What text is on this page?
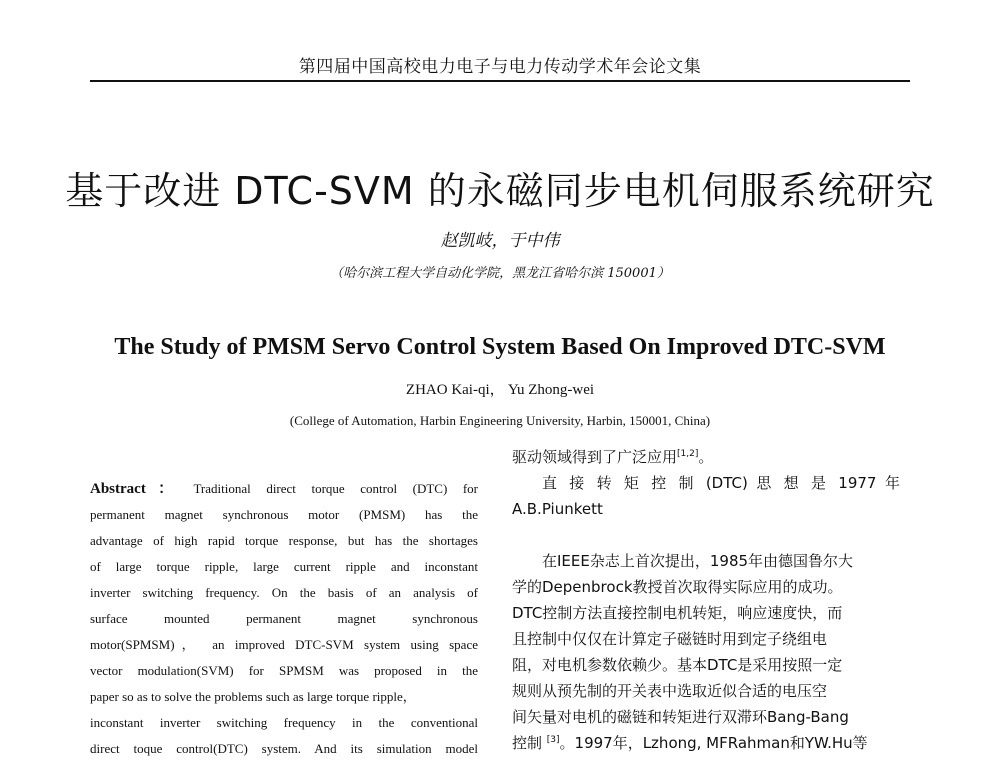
第四届中国高校电力电子与电力传动学术年会论文集
基于改进 DTC-SVM 的永磁同步电机伺服系统研究
赵凯岐，于中伟
（哈尔滨工程大学自动化学院，黑龙江省哈尔滨 150001）
The Study of PMSM Servo Control System Based On Improved DTC-SVM
ZHAO Kai-qi， Yu Zhong-wei
(College of Automation, Harbin Engineering University, Harbin, 150001, China)
Abstract： Traditional direct torque control (DTC) for
permanent magnet synchronous motor (PMSM) has the
advantage of high rapid torque response, but has the shortages
of large torque ripple, large current ripple and inconstant
inverter switching frequency. On the basis of an analysis of
surface mounted permanent magnet synchronous
motor(SPMSM)， an improved DTC-SVM system using space
vector modulation(SVM) for SPMSM was proposed in the
paper so as to solve the problems such as large torque ripple，
inconstant inverter switching frequency in the conventional
direct toque control(DTC) system. And its simulation model
驱动领域得到了广泛应用[1,2]。
直 接 转 矩 控 制 (DTC) 思 想 是 1977 年
A.B.Piunkett
在IEEE杂志上首次提出，1985年由德国鲁尔大
学的Depenbrock教授首次取得实际应用的成功。
DTC控制方法直接控制电机转矩，响应速度快，而
且控制中仅仅在计算定子磁链时用到定子绕组电
阻，对电机参数依赖少。基本DTC是采用按照一定
规则从预先制的开关表中选取近似合适的电压空
间矢量对电机的磁链和转矩进行双滞环Bang-Bang
控制 [3]。1997年，Lzhong, MFRahman和YW.Hu等
